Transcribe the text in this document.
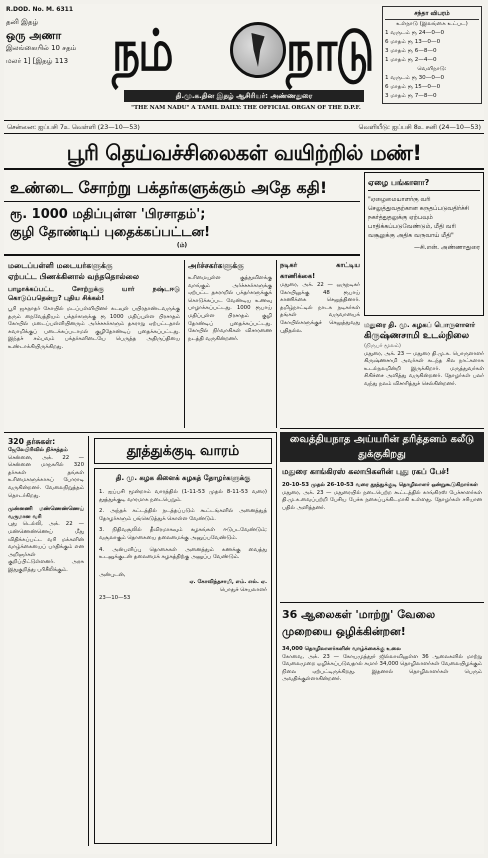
R.DOD. No. M. 6311
தனி இதழ்
ஒரு அணா
இலங்கையில் 10 சதம்
மலர் 1] [இதழ் 113 நம்	நாடு
தி.மு.க.தின இதழ் ஆசிரியர்: அண்ணதுரை
"THE NAM NADU" A TAMIL DAILY: THE OFFICIAL ORGAN OF THE D.P.F.
சந்தா விபரம்
உள்நாடு (இலங்கை உட்பட)
1 வருடம் ரூ 24—0—0
6 மாதம் ரூ 13—0—0
3 மாதம் ரூ 6—8—0
1 மாதம் ரூ 2—4—0
வெளிநாடு:
1 வருடம் ரூ 30—0—0
6 மாதம் ரூ 15—0—0
3 மாதம் ரூ 7—8—0
சென்னை: ஐப்பசி 7உ வெள்ளி (23—10—53)	வெளியீடு: ஐப்பசி 8உ சனி (24—10—53)
பூரி தெய்வச்சிலைகள் வயிற்றில் மண்!
உண்டை சோற்று பக்தர்களுக்கும் அதே கதி!
ரூ. 1000 மதிப்புள்ள 'பிரசாதம்';
குழி தோண்டிப் புதைக்கப்பட்டன!
(ம்)
ஏழை பங்காளா?
"ஏழைமையாளர்கு வரி செலுத்துவதற்கான கருதப்படுவதிர்ச்சி நகர்த்துதலுக்கு ஏற்பவும் பாதிக்கப்படுவேண்டும், மீதி வரி வசூலுக்கு அதிக வருவாய் மீதி"
—சி.என். அண்ணாதுரை
மடைப்பள்ளி மடையர்களுக்கு
ஏற்பட்ட பிணக்கினால் வந்ததொல்லை
பாழாக்கப்பட்ட சோற்றுக்கு யார் நஷ்டஈடு கொடுப்பதென்று? புதிய சிக்கல்!
பூரி ஜகநாதர் கோயில் மடப்பள்ளியினர் கடவுள் பயிரதாண்டவருக்கு தரும் நைவேத்தியம் பக்தர்களுக்கு ரூ 1000 மதிப்புள்ள பிரசாதம் கோயில் மடைப்பள்ளியினரும் அர்ச்சகர்களும் தகராறு ஏற்பட்டதால் சுவாமிக்குப் படைக்கப்படாமல் குழிதோண்டிப் புதைக்கப்பட்டது. இந்தச் சம்பவம் பக்தர்களிடையே பெருத்த அதிருப்தியை உண்டாக்கியிருக்கிறது.
அர்ச்சகர்களுக்கு
உரிமையுள்ள குத்துவிளக்கு வாங்கும் அர்ச்சகர்களுக்கு ஏற்பட்ட தகராறில் பக்தர்களுக்குக் கொடுக்கப்பட வேண்டிய உணவு பாழாக்கப்பட்டது. 1000 ரூபாய் மதிப்புள்ள பிரசாதம் குழி தோண்டிப் புதைக்கப்பட்டது. கோயில் நிர்வாகிகள் விசாரணை நடத்தி வருகின்றனர்.
நடிகர் காட்டிய காணிக்கை!
மதுரை, அக். 22 — ஒருநடிகர் கோயிலுக்கு 48 ரூபாய் காணிக்கை செலுத்தினார். தமிழ்நாட்டில் நாடக நடிகர்கள் தங்கள் வருவாயைக் கோயில்களுக்குச் செலுத்துவது புதிதல்ல.
மதுரை தி. மு. கழகப் பொருளாளர்
கிருஷ்ணசாமி உடல்நிலை
(நிருபர் மூலம்)
மதுரை, அக். 23 — மதுரை தி.மு.க. பொருளாளர் கிருஷ்ணசாமி அவர்கள் கடந்த சில நாட்களாக உடல்நலமின்றி இருக்கிறார். மருத்துவர்கள் சிகிச்சை அளித்து வருகின்றனர். தோழர்கள் பலர் வந்து நலம் விசாரித்துச் செல்கின்றனர்.
வைத்தியநாத அய்யரின் தரித்தனம் கலீடு துக்குகிறது
மதுரை காங்கிரஸ் கலாபிகளின் புது ரகப் பேச்!
320 தர்சுகள்:
ஜேலேபிரிவில் நிச்சத்தம்
சென்னை, அக். 22 — சென்னை மாநகரில் 320 தர்சுகள் தங்கள் உரிமைகளுக்காகப் போராடி வருகின்றனர். வேலைநிறுத்தம் தொடர்கிறது.
முன்னணி மண்ணெண்ணெய் வருமான வரி
புது டெல்லி, அக். 22 — மண்ணெண்ணெய் மீது விதிக்கப்பட்ட வரி மக்களின் வாழ்க்கையைப் பாதிக்கும் என அறிஞர்கள் குறிப்பிட்டுள்ளனர். அரசு இதுகுறித்து பரிசீலிக்கும்.
தூத்துக்குடி வாரம்
தி. மு. கழக கிளைக் கழகத் தோழர்களுக்கு
1. ஐப்பசி மூன்றாம் வாரத்தில் (1-11-53 முதல் 8-11-53 வரை) தூத்துக்குடி வாரமாக நடைபெறும்.
2. அந்தக் கட்டத்தில் நடத்தப்படும் கூட்டங்களில் அனைத்துத் தோழர்களும் பங்கெடுத்துக் கொள்ள வேண்டும்.
3. நிதிவசூலில் தீவிரமாகவும் கழகங்கள் ஈடுபடவேண்டும்; வசூலாகும் தொகையை தலைமைக்கு அனுப்பவேண்டும்.
4. அன்பளிப்பு தொகைகள் அனைத்தும் கணக்கு வைத்து உடனுக்குடன் தலைமைக் கழகத்திற்கு அனுப்ப வேண்டும்.
அன்புடன்,
ஏ. கோவிந்தசாமி, எம். எல். ஏ.
பொதுச் செயலாளர்
23—10—53
20-10-53 முதல் 26-10-53 வரை தூத்துக்குடி தொழிலாளர் ஒன்றுகூடுகிறார்கள்
மதுரை, அக். 23 — மதுரையில் நடைபெற்ற கூட்டத்தில் காங்கிரஸ் பேச்சாளர்கள் தி.மு.க.வைப்பற்றி பேசிய பேச்சு நகைப்புக்கிடமாகி உள்ளது. தோழர்கள் சரியான பதில் அளித்தனர்.
36 ஆலைகள் 'மாற்று' வேலை முறையை ஒழிக்கின்றன!
34,000 தொழிலாளர்களின் வாழ்க்கைக்கு உலை
கோவை, அக். 23 — கோயமுத்தூர் ஜில்லாவிலுள்ள 36 ஆலைகளில் மாற்று வேலைமுறை ஒழிக்கப்படுவதால் சுமார் 34,000 தொழிலாளர்கள் வேலையிழக்கும் நிலை ஏற்பட்டிருக்கிறது. இதனால் தொழிலாளர்கள் பெரும் அவதிக்குள்ளாகின்றனர்.
